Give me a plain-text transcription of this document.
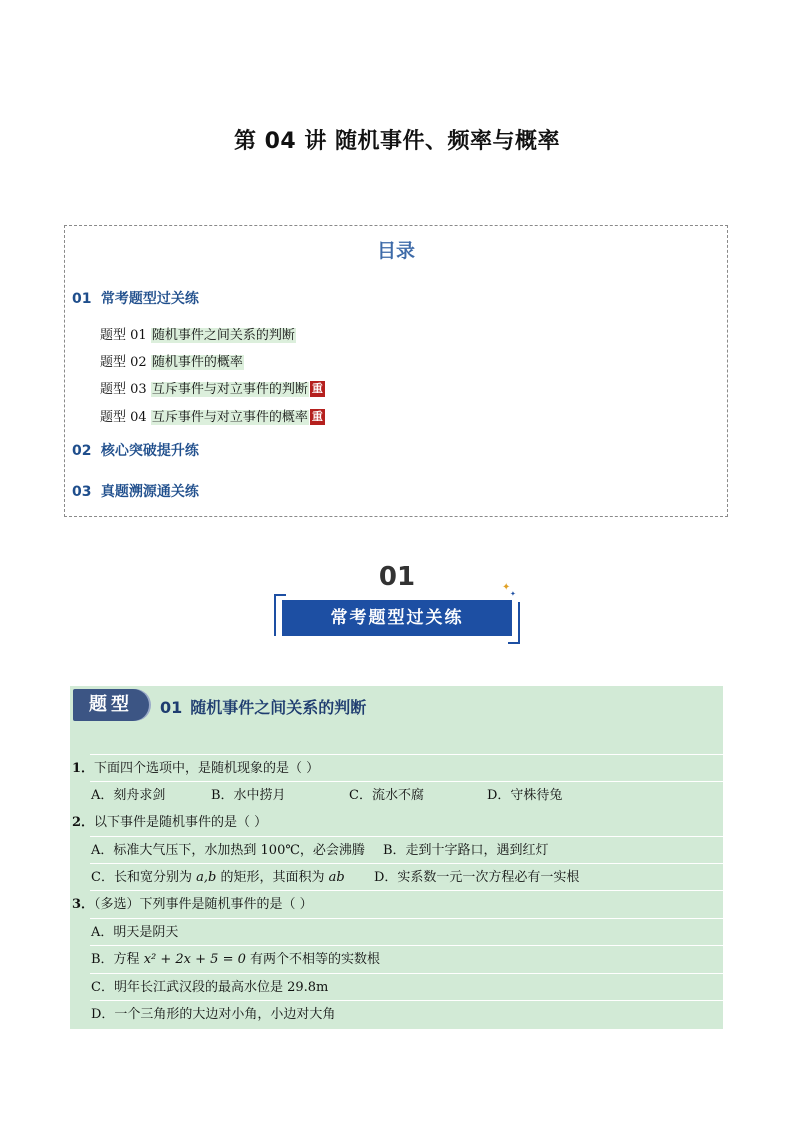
第 04 讲 随机事件、频率与概率
目录
01 常考题型过关练
题型 01 随机事件之间关系的判断
题型 02 随机事件的概率
题型 03 互斥事件与对立事件的判断 重
题型 04 互斥事件与对立事件的概率 重
02 核心突破提升练
03 真题溯源通关练
01
常考题型过关练
✦
✦
题型	01 随机事件之间关系的判断
1．下面四个选项中，是随机现象的是（ ）
A．刻舟求剑	B．水中捞月	C．流水不腐	D．守株待兔
2．以下事件是随机事件的是（ ）
A．标准大气压下，水加热到 100℃，必会沸腾 B．走到十字路口，遇到红灯
C．长和宽分别为 a,b 的矩形，其面积为 ab D．实系数一元一次方程必有一实根
3．（多选）下列事件是随机事件的是（ ）
A．明天是阴天
B．方程 x² + 2x + 5 = 0 有两个不相等的实数根
C．明年长江武汉段的最高水位是 29.8m
D．一个三角形的大边对小角，小边对大角
